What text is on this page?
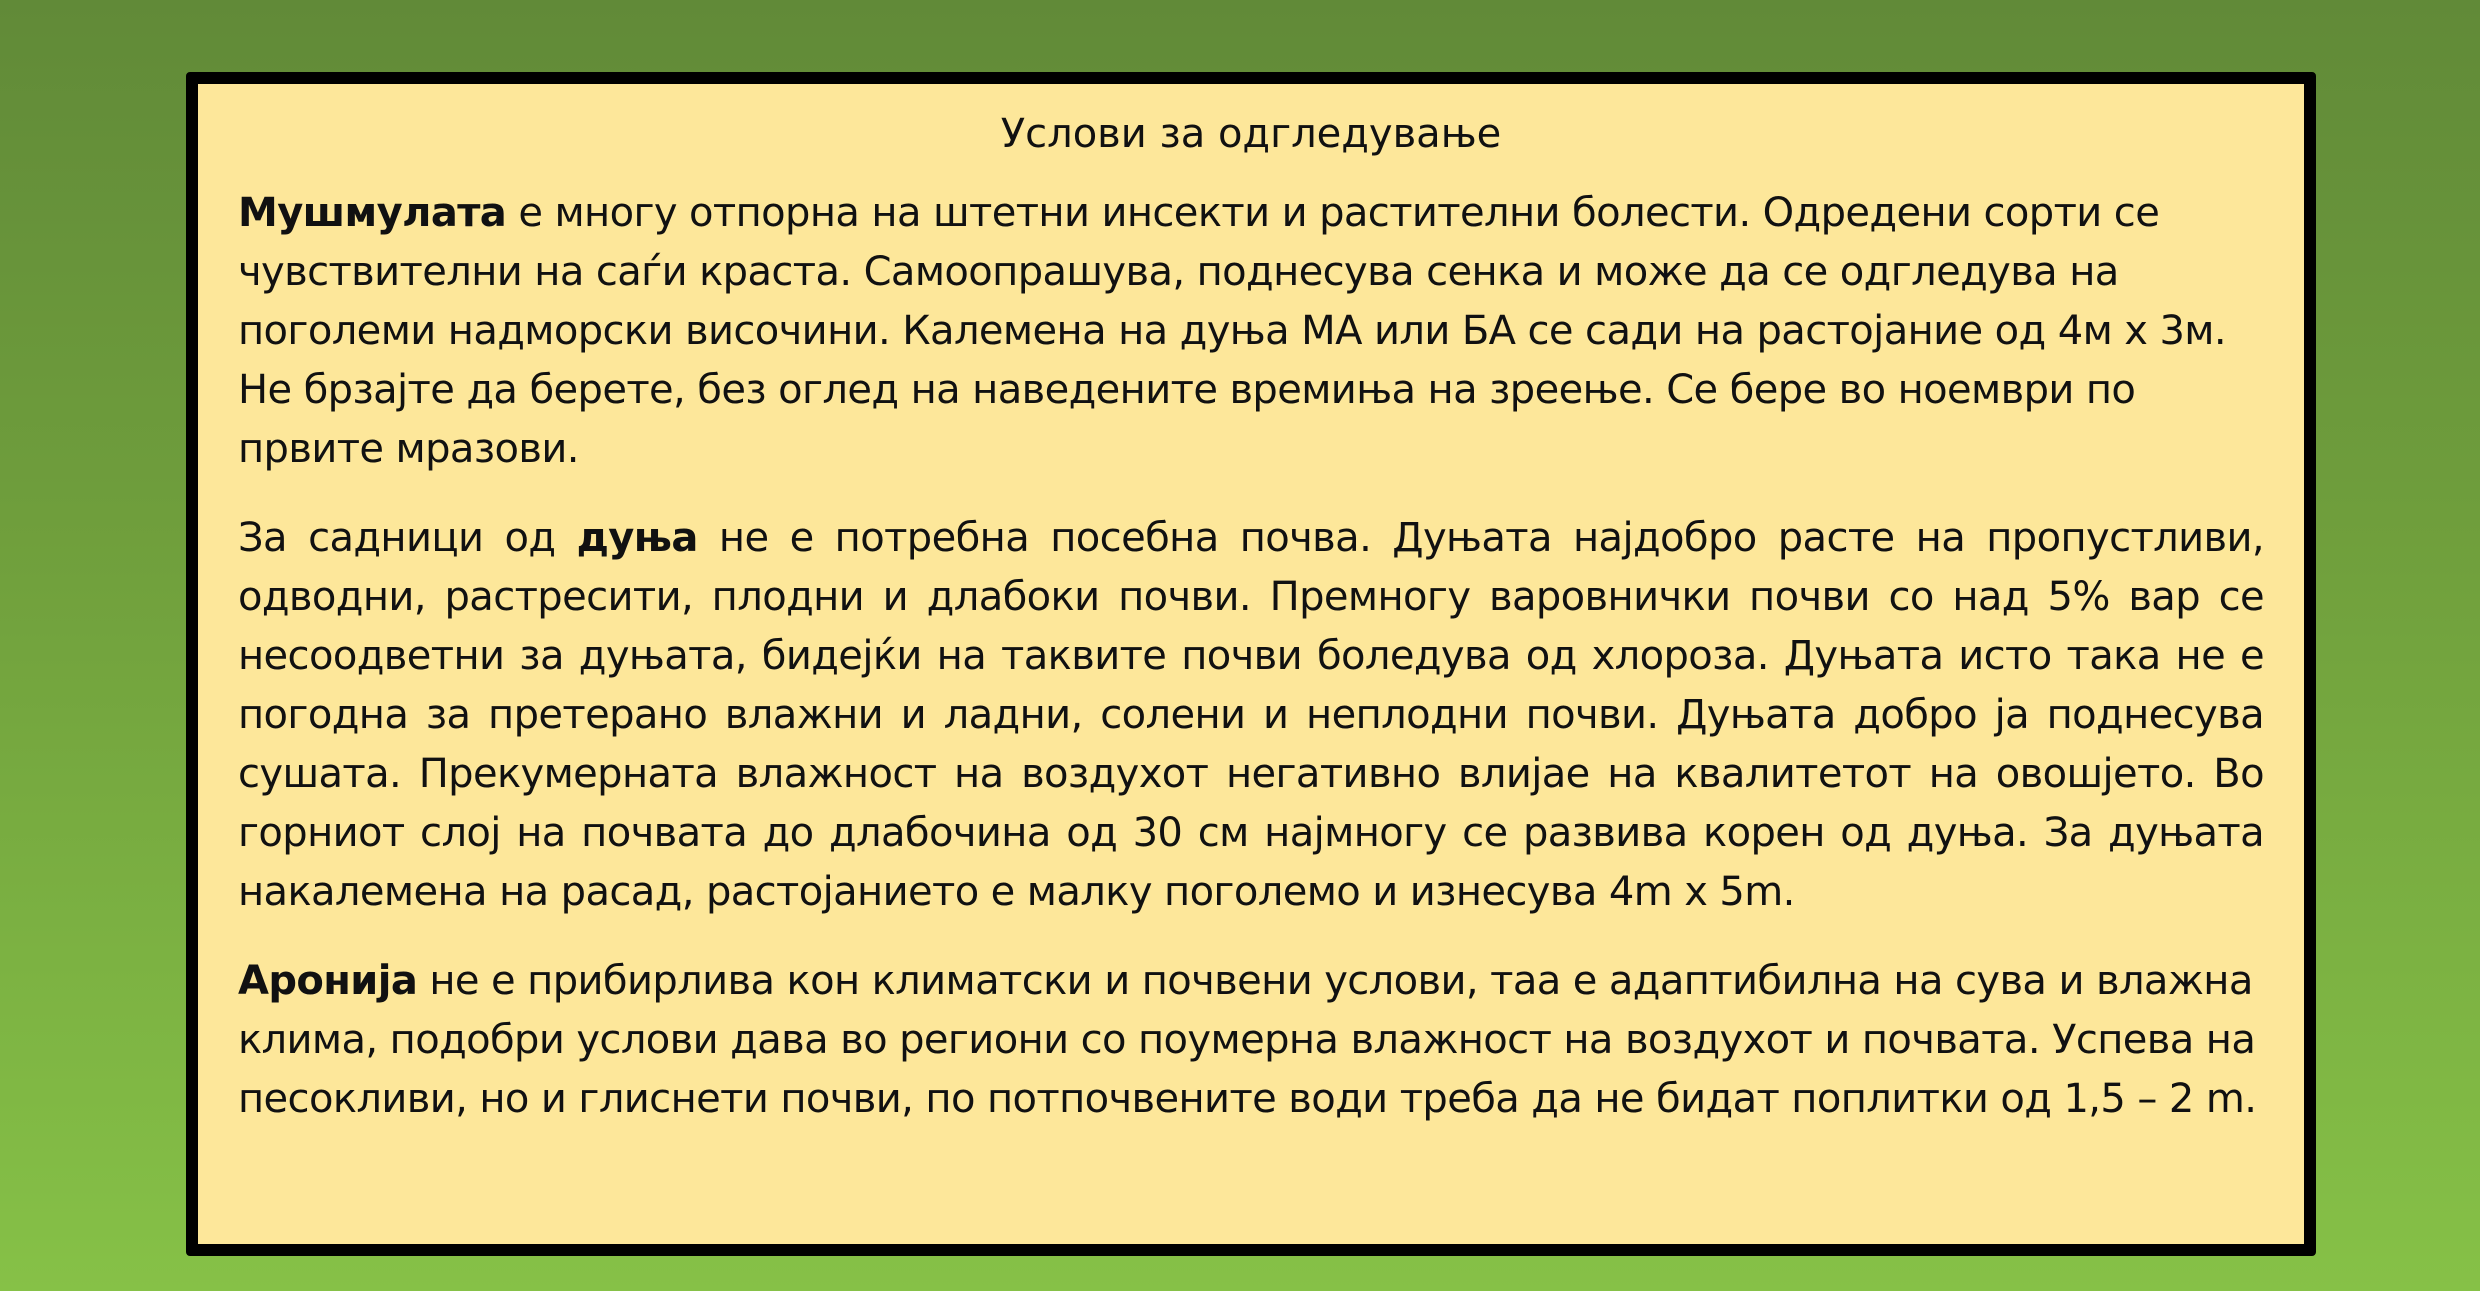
Услови за одгледување

Мушмулата е многу отпорна на штетни инсекти и растителни болести. Одредени сорти се чувствителни на саѓи краста. Самоопрашува, поднесува сенка и може да се одгледува на поголеми надморски височини. Калемена на дуња МА или БА се сади на растојание од 4м х 3м. Не брзајте да берете, без оглед на наведените времиња на зреење. Се бере во ноември по првите мразови.

За садници од дуња не е потребна посебна почва. Дуњата најдобро расте на пропустливи, одводни, растресити, плодни и длабоки почви. Премногу варовнички почви со над 5% вар се несоодветни за дуњата, бидејќи на таквите почви боледува од хлороза. Дуњата исто така не е погодна за претерано влажни и ладни, солени и неплодни почви. Дуњата добро ја поднесува сушата. Прекумерната влажност на воздухот негативно влијае на квалитетот на овошјето. Во горниот слој на почвата до длабочина од 30 см најмногу се развива корен од дуња. За дуњата накалемена на расад, растојанието е малку поголемо и изнесува 4m x 5m.

Аронија не е прибирлива кон климатски и почвени услови, таа е адаптибилна на сува и влажна клима, подобри услови дава во региони со поумерна влажност на воздухот и почвата. Успева на песокливи, но и глиснети почви, по потпочвените води треба да не бидат поплитки од 1,5 – 2 m.
